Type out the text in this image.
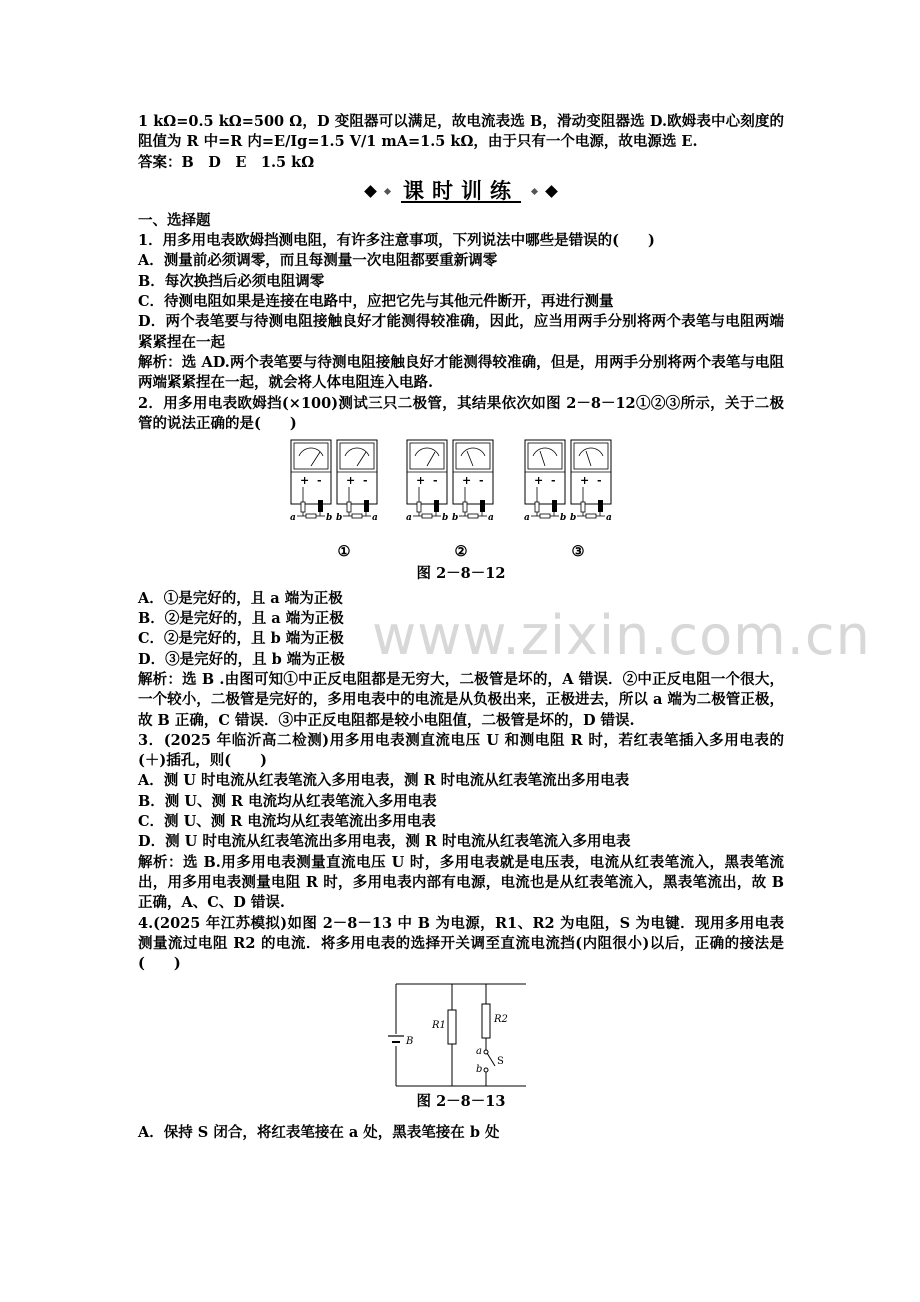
www.zixin.com.cn

1 kΩ=0.5 kΩ=500 Ω，D 变阻器可以满足，故电流表选 B，滑动变阻器选 D.欧姆表中心刻度的阻值为 R 中=R 内=E/Ig=1.5 V/1 mA=1.5 kΩ，由于只有一个电源，故电源选 E.

答案：B　D　E　1.5 kΩ

课时训练

一、选择题

1．用多用电表欧姆挡测电阻，有许多注意事项，下列说法中哪些是错误的(　　)

A．测量前必须调零，而且每测量一次电阻都要重新调零

B．每次换挡后必须电阻调零

C．待测电阻如果是连接在电路中，应把它先与其他元件断开，再进行测量

D．两个表笔要与待测电阻接触良好才能测得较准确，因此，应当用两手分别将两个表笔与电阻两端紧紧捏在一起

解析：选 AD.两个表笔要与待测电阻接触良好才能测得较准确，但是，用两手分别将两个表笔与电阻两端紧紧捏在一起，就会将人体电阻连入电路.

2．用多用电表欧姆挡(×100)测试三只二极管，其结果依次如图 2－8－12①②③所示，关于二极管的说法正确的是(　　)

+ -
a	b
+ -
b	a
+ -
a	b
+ -
b	a
+ -
a	b
+ -
b	a
①	②	③

图 2－8－12

A．①是完好的，且 a 端为正极

B．②是完好的，且 a 端为正极

C．②是完好的，且 b 端为正极

D．③是完好的，且 b 端为正极

解析：选 B .由图可知①中正反电阻都是无穷大，二极管是坏的，A 错误．②中正反电阻一个很大，一个较小，二极管是完好的，多用电表中的电流是从负极出来，正极进去，所以 a 端为二极管正极，故 B 正确，C 错误．③中正反电阻都是较小电阻值，二极管是坏的，D 错误.

3．(2025 年临沂高二检测)用多用电表测直流电压 U 和测电阻 R 时，若红表笔插入多用电表的(＋)插孔，则(　　)

A．测 U 时电流从红表笔流入多用电表，测 R 时电流从红表笔流出多用电表

B．测 U、测 R 电流均从红表笔流入多用电表

C．测 U、测 R 电流均从红表笔流出多用电表

D．测 U 时电流从红表笔流出多用电表，测 R 时电流从红表笔流入多用电表

解析：选 B.用多用电表测量直流电压 U 时，多用电表就是电压表，电流从红表笔流入，黑表笔流出，用多用电表测量电阻 R 时，多用电表内部有电源，电流也是从红表笔流入，黑表笔流出，故 B 正确，A、C、D 错误.

4.(2025 年江苏模拟)如图 2－8－13 中 B 为电源，R1、R2 为电阻，S 为电键．现用多用电表测量流过电阻 R2 的电流．将多用电表的选择开关调至直流电流挡(内阻很小)以后，正确的接法是(　　)

B
R1
R2
a
b
S

图 2－8－13

A．保持 S 闭合，将红表笔接在 a 处，黑表笔接在 b 处
